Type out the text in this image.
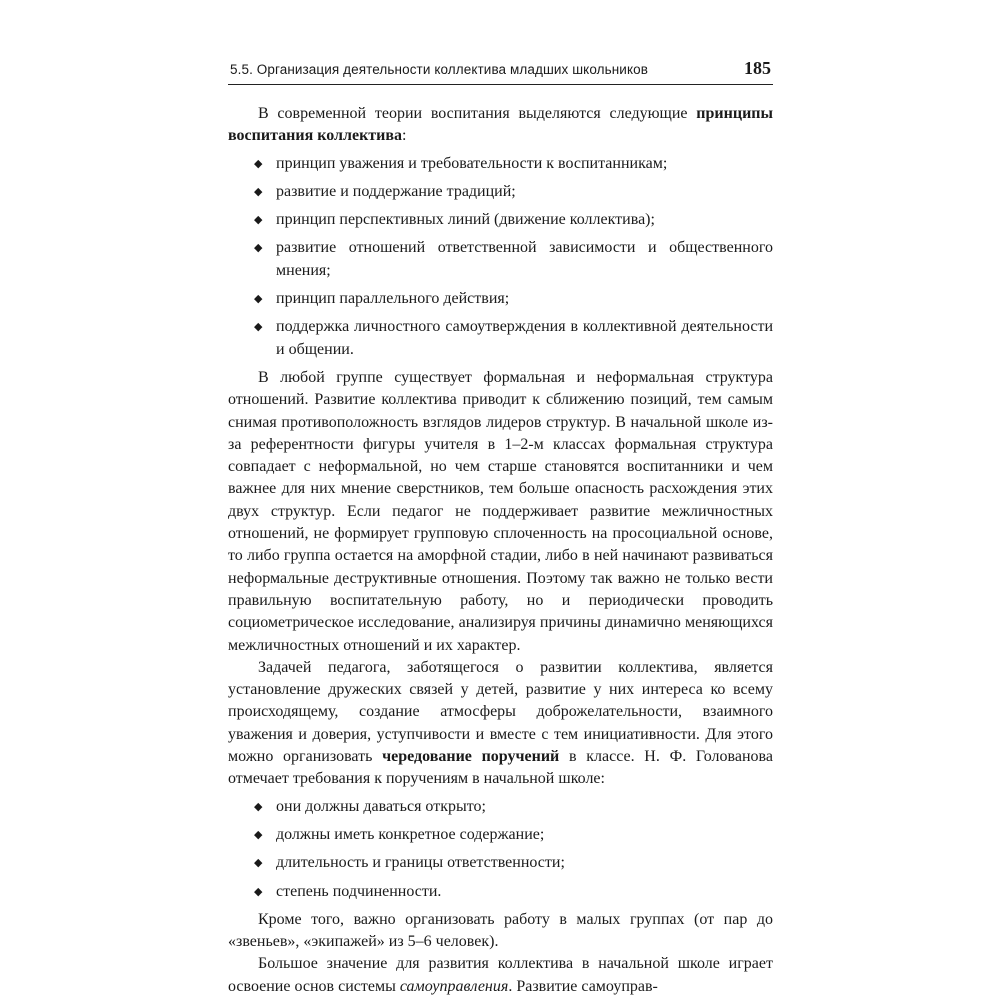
5.5. Организация деятельности коллектива младших школьников	185

В современной теории воспитания выделяются следующие принципы воспитания коллектива:

◆ принцип уважения и требовательности к воспитанникам;
◆ развитие и поддержание традиций;
◆ принцип перспективных линий (движение коллектива);
◆ развитие отношений ответственной зависимости и общественного мнения;
◆ принцип параллельного действия;
◆ поддержка личностного самоутверждения в коллективной деятельности и общении.

В любой группе существует формальная и неформальная структура отношений. Развитие коллектива приводит к сближению позиций, тем самым снимая противоположность взглядов лидеров структур. В начальной школе из-за референтности фигуры учителя в 1–2-м классах формальная структура совпадает с неформальной, но чем старше становятся воспитанники и чем важнее для них мнение сверстников, тем больше опасность расхождения этих двух структур. Если педагог не поддерживает развитие межличностных отношений, не формирует групповую сплоченность на просоциальной основе, то либо группа остается на аморфной стадии, либо в ней начинают развиваться неформальные деструктивные отношения. Поэтому так важно не только вести правильную воспитательную работу, но и периодически проводить социометрическое исследование, анализируя причины динамично меняющихся межличностных отношений и их характер.

Задачей педагога, заботящегося о развитии коллектива, является установление дружеских связей у детей, развитие у них интереса ко всему происходящему, создание атмосферы доброжелательности, взаимного уважения и доверия, уступчивости и вместе с тем инициативности. Для этого можно организовать чередование поручений в классе. Н. Ф. Голованова отмечает требования к поручениям в начальной школе:

◆ они должны даваться открыто;
◆ должны иметь конкретное содержание;
◆ длительность и границы ответственности;
◆ степень подчиненности.

Кроме того, важно организовать работу в малых группах (от пар до «звеньев», «экипажей» из 5–6 человек).

Большое значение для развития коллектива в начальной школе играет освоение основ системы самоуправления. Развитие самоуправ-
